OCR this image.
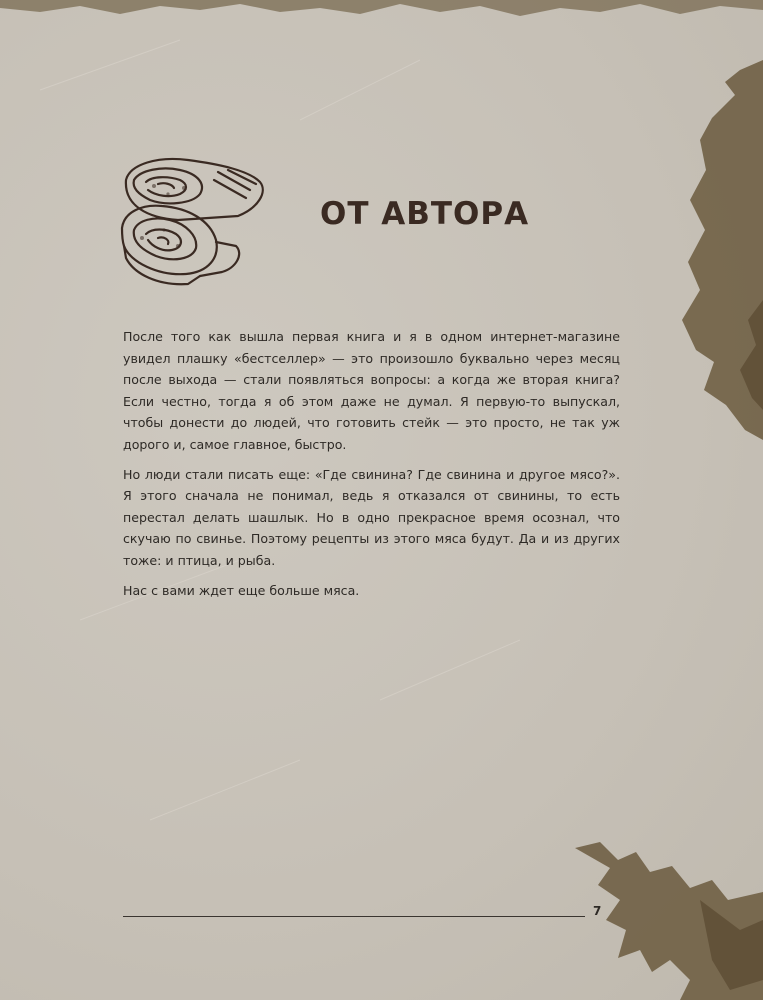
ОТ АВТОРА

После того как вышла первая книга и я в одном интернет-магазине увидел плашку «бестселлер» — это произошло буквально через месяц после выхода — стали появляться вопросы: а когда же вторая книга? Если честно, тогда я об этом даже не думал. Я первую-то выпускал, чтобы донести до людей, что готовить стейк — это просто, не так уж дорого и, самое главное, быстро.

Но люди стали писать еще: «Где свинина? Где свинина и другое мясо?». Я этого сначала не понимал, ведь я отказался от свинины, то есть перестал делать шашлык. Но в одно прекрасное время осознал, что скучаю по свинье. Поэтому рецепты из этого мяса будут. Да и из других тоже: и птица, и рыба.

Нас с вами ждет еще больше мяса.

7
